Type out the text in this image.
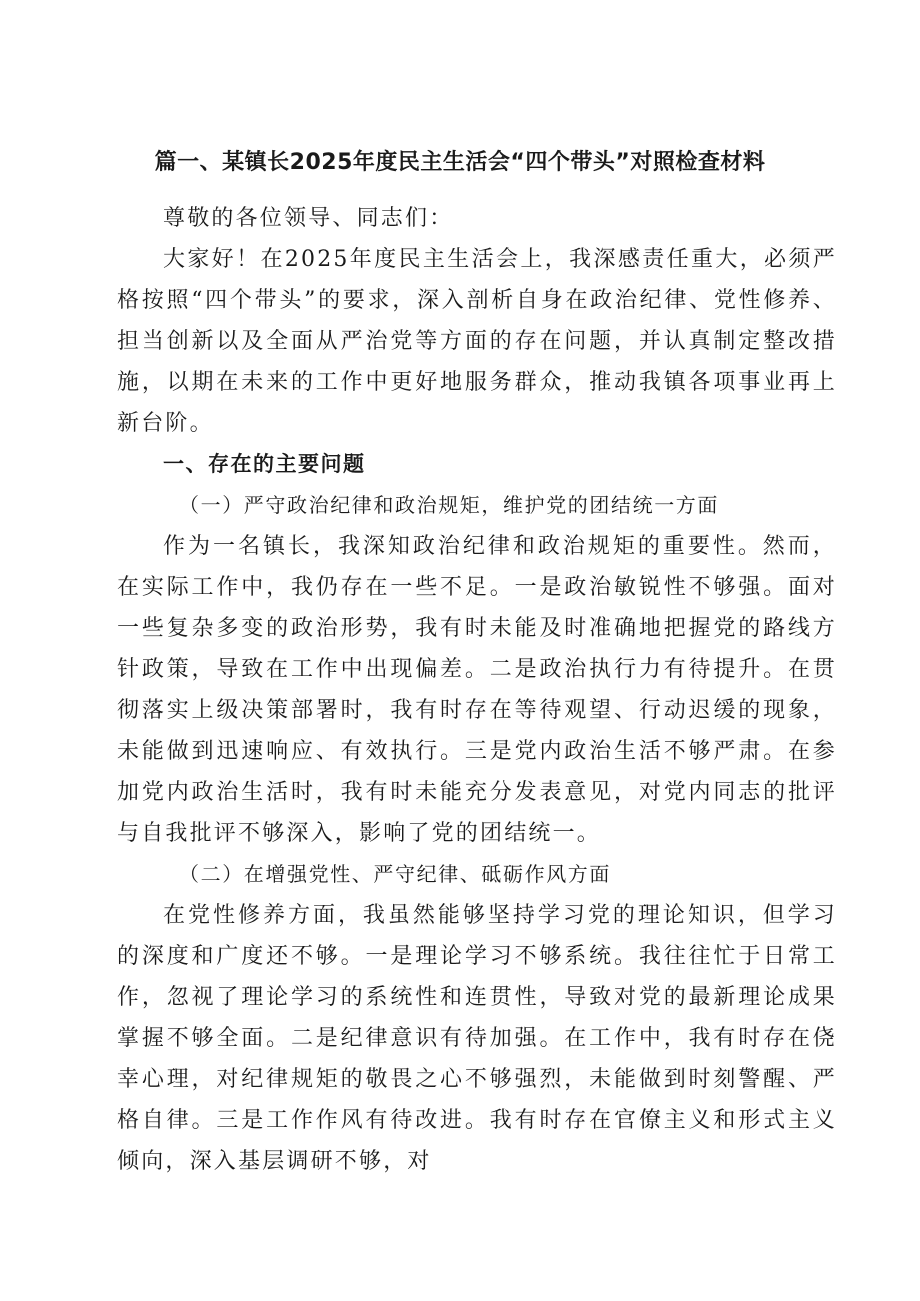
篇一、某镇长2025年度民主生活会“四个带头”对照检查材料

尊敬的各位领导、同志们：

大家好！在2025年度民主生活会上，我深感责任重大，必须严格按照“四个带头”的要求，深入剖析自身在政治纪律、党性修养、担当创新以及全面从严治党等方面的存在问题，并认真制定整改措施，以期在未来的工作中更好地服务群众，推动我镇各项事业再上新台阶。

一、存在的主要问题

（一）严守政治纪律和政治规矩，维护党的团结统一方面

作为一名镇长，我深知政治纪律和政治规矩的重要性。然而，在实际工作中，我仍存在一些不足。一是政治敏锐性不够强。面对一些复杂多变的政治形势，我有时未能及时准确地把握党的路线方针政策，导致在工作中出现偏差。二是政治执行力有待提升。在贯彻落实上级决策部署时，我有时存在等待观望、行动迟缓的现象，未能做到迅速响应、有效执行。三是党内政治生活不够严肃。在参加党内政治生活时，我有时未能充分发表意见，对党内同志的批评与自我批评不够深入，影响了党的团结统一。

（二）在增强党性、严守纪律、砥砺作风方面

在党性修养方面，我虽然能够坚持学习党的理论知识，但学习的深度和广度还不够。一是理论学习不够系统。我往往忙于日常工作，忽视了理论学习的系统性和连贯性，导致对党的最新理论成果掌握不够全面。二是纪律意识有待加强。在工作中，我有时存在侥幸心理，对纪律规矩的敬畏之心不够强烈，未能做到时刻警醒、严格自律。三是工作作风有待改进。我有时存在官僚主义和形式主义倾向，深入基层调研不够，对
